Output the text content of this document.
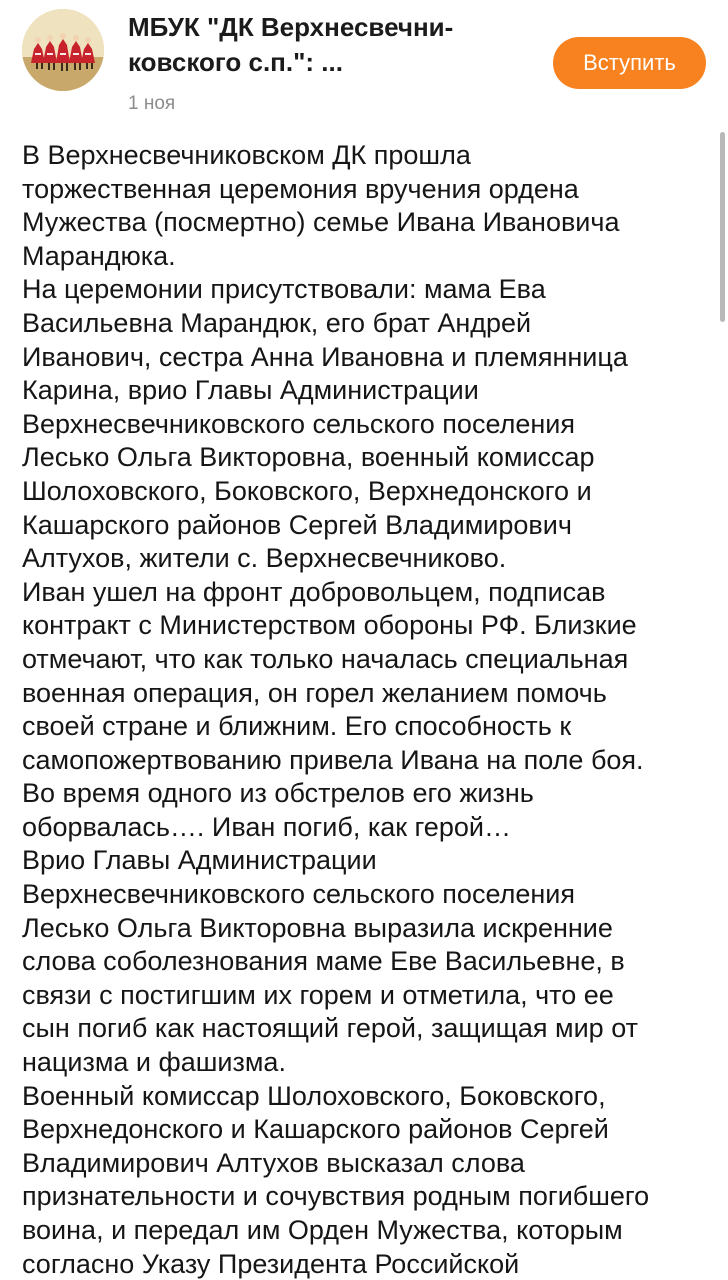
МБУК "ДК Верхнесвечни-
ковского с.п.": ...
1 ноя
Вступить
В Верхнесвечниковском ДК прошла
торжественная церемония вручения ордена
Мужества (посмертно) семье Ивана Ивановича
Марандюка.
На церемонии присутствовали: мама Ева
Васильевна Марандюк, его брат Андрей
Иванович, сестра Анна Ивановна и племянница
Карина, врио Главы Администрации
Верхнесвечниковского сельского поселения
Лесько Ольга Викторовна, военный комиссар
Шолоховского, Боковского, Верхнедонского и
Кашарского районов Сергей Владимирович
Алтухов, жители с. Верхнесвечниково.
Иван ушел на фронт добровольцем, подписав
контракт с Министерством обороны РФ. Близкие
отмечают, что как только началась специальная
военная операция, он горел желанием помочь
своей стране и ближним. Его способность к
самопожертвованию привела Ивана на поле боя.
Во время одного из обстрелов его жизнь
оборвалась…. Иван погиб, как герой…
Врио Главы Администрации
Верхнесвечниковского сельского поселения
Лесько Ольга Викторовна выразила искренние
слова соболезнования маме Еве Васильевне, в
связи с постигшим их горем и отметила, что ее
сын погиб как настоящий герой, защищая мир от
нацизма и фашизма.
Военный комиссар Шолоховского, Боковского,
Верхнедонского и Кашарского районов Сергей
Владимирович Алтухов высказал слова
признательности и сочувствия родным погибшего
воина, и передал им Орден Мужества, которым
согласно Указу Президента Российской
